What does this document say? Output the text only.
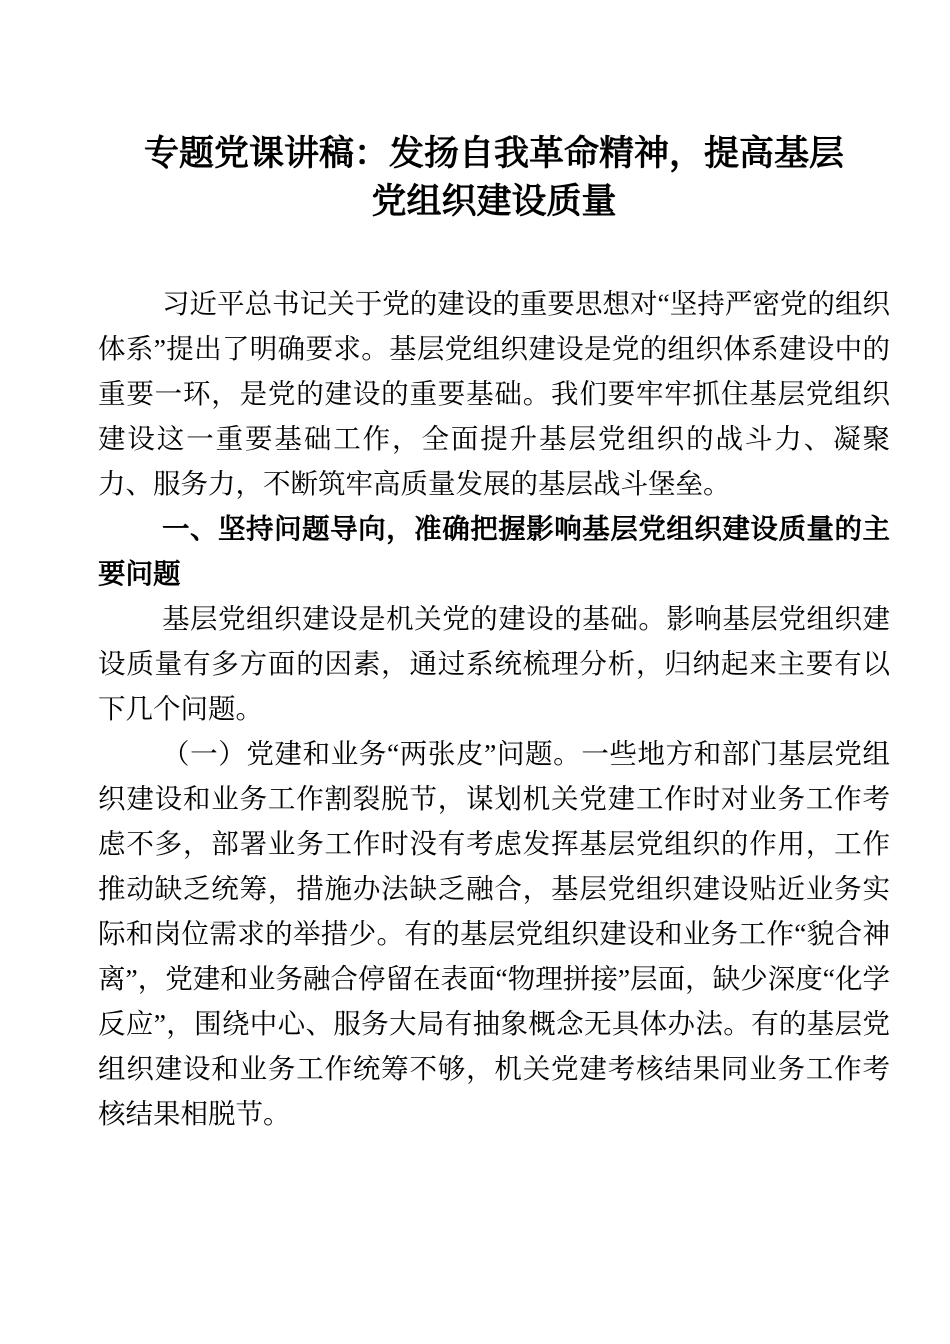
专题党课讲稿：发扬自我革命精神，提高基层党组织建设质量

习近平总书记关于党的建设的重要思想对“坚持严密党的组织体系”提出了明确要求。基层党组织建设是党的组织体系建设中的重要一环，是党的建设的重要基础。我们要牢牢抓住基层党组织建设这一重要基础工作，全面提升基层党组织的战斗力、凝聚力、服务力，不断筑牢高质量发展的基层战斗堡垒。

一、坚持问题导向，准确把握影响基层党组织建设质量的主要问题

基层党组织建设是机关党的建设的基础。影响基层党组织建设质量有多方面的因素，通过系统梳理分析，归纳起来主要有以下几个问题。

（一）党建和业务“两张皮”问题。一些地方和部门基层党组织建设和业务工作割裂脱节，谋划机关党建工作时对业务工作考虑不多，部署业务工作时没有考虑发挥基层党组织的作用，工作推动缺乏统筹，措施办法缺乏融合，基层党组织建设贴近业务实际和岗位需求的举措少。有的基层党组织建设和业务工作“貌合神离”，党建和业务融合停留在表面“物理拼接”层面，缺少深度“化学反应”，围绕中心、服务大局有抽象概念无具体办法。有的基层党组织建设和业务工作统筹不够，机关党建考核结果同业务工作考核结果相脱节。
